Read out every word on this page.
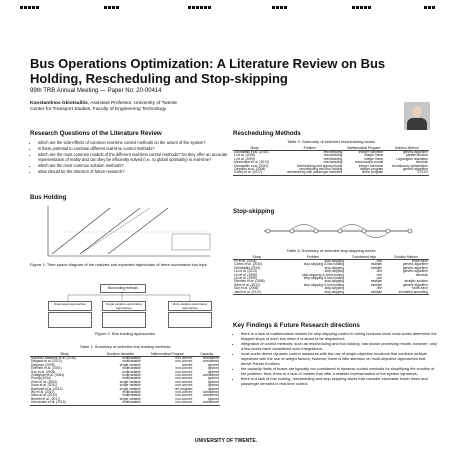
Bus Operations Optimization: A Literature Review on Bus Holding, Rescheduling and Stop-skipping
99th TRB Annual Meeting — Paper No: 20-00414
Konstantinos Gkiotsalitis, Assistant Professor, University of Twente
Center for Transport Studies, Faculty of Engineering Technology
Research Questions of the Literature Review
• which are the side-effects of common real-time control methods on the actors of the system?
• is there potential to combine different real-time control methods?
• which are the most common models of the different real-time control methods? Do they offer an accurate representation of reality and can they be efficiently solved (i.e., to global optimality) in real-time?
• which are the most common solution methods?
• what should be the direction of future research?
Bus Holding
Figure 1: Time-space diagram of the realized and expected trajectories of three successive bus trips
Bus holding methods
Rule-based approaches	Single variable optimization approaches
Multi-variable optimization approaches
Figure 2: Bus holding approaches
Table 1: Summary of selected bus holding methods
Study	Decision Variables	Mathematical Program	Capacity
Sanchez-Martinez et al. (2016)	multivariable	non-convex	considered
Delgado et al. (2012)	multivariable	non-convex	considered
Daganzo (2009)	single variable	convex	ignored
Eberlein et al. (2001)	multivariable	non-convex	ignored
Sun et al. (2008)	multivariable	non-convex	ignored
Zolfaghari et al. (2004)	multivariable	non-convex	considered
Puong (2004)	multivariable	non-convex	ignored
Zhao et al. (2003)	single variable	non-convex	ignored
Xuan et al. (2011)	single variable	non-convex	ignored
Bartholdi et al. (2012)	single variable	not program	ignored
Wu et al. (2017)	multivariable	non-convex	considered
Sáez et al. (2012)	multivariable	non-convex	considered
Berrebi et al. (2017)	single variable	non-convex	ignored
Hernández et al. (2015)	multivariable	non-convex	considered
Rescheduling Methods
Table 2: Summary of selected rescheduling works
Study	Problem	Mathematical Program	Solution Method
Gkiotsalitis et al. (2018)	rescheduling	integer nonlinear	genetic algorithm
Li et al. (2008)	rescheduling	integer linear	parallel auction
Li et al. (2009)	rescheduling	integer linear	Lagrangian relaxation
Mesinoskei et al. (2013)	rescheduling	macroscopic model	heuristic
Gkiotsalitis et al. (2019)	rescheduling and signal priority	integer nonlinear	evolutionary optimization
Ceballos et al. (2006)	rescheduling and bus holding	integer program	genetic algorithm
Coffey et al. (2017)	rescheduling with passenger transfers	linear program	CPLEX
Stop-skipping
Table 3: Summary of selected stop-skipping works
Study	Problem	Considered trips	Solution Method
Fu et al. (2003)	stop-skipping	one	brute-force
Cortes et al. (2010)	stop-skipping & bus holding	multiple	genetic algorithm
Gkiotsalitis (2019)	stop-skipping	multiple	genetic algorithm
Liu et al. (2013)	stop-skipping	one	genetic algorithm
Lin et al. (1995)	stop-skipping & short-turning	one	heuristic
Lin et al. (1995)	stop-skipping & bus holding	one	
Eberlein et al. (1998)	stop-skipping	multiple	analytic solution
Sáez et al. (2012)	stop-skipping & bus holding	multiple	genetic algorithm
Sun et al. (2005)	stop-skipping	one	brute-force
Jamili et al. (2012)	stop-skipping	multiple	simulated annealing
Key Findings & Future Research directions
• there is a lack of mathematical models for stop-skipping control in rolling horizons since most works determine the skipped stops of each bus when it is about to be dispatched;
• integration of control methods, such as rescheduling and bus holding, has shown promising results; however, only a few works have considered such integrations;
• most works derive dynamic control measures with the use of single-objective functions that combine multiple objectives with the use of weight factors; however, there is little attention on multi-objective approaches that derive Pareto frontiers;
• the capacity limits of buses are typically not considered in dynamic control methods for simplifying the solution of the problem; thus, there is a lack of models that offer a realistic representation of the system dynamics;
• there is a lack of bus holding, rescheduling and stop-skipping works that consider stochastic travel times and passenger demand in real-time control.
UNIVERSITY OF TWENTE.
